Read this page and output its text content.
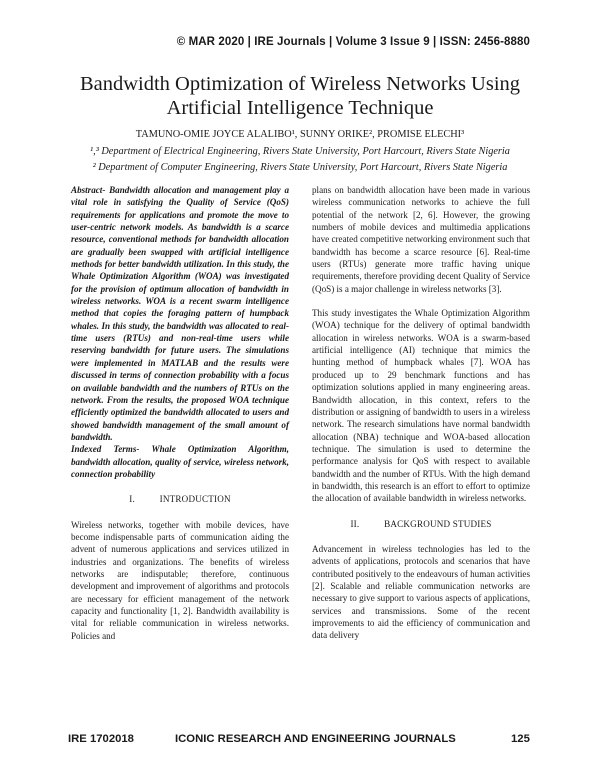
© MAR 2020 | IRE Journals | Volume 3 Issue 9 | ISSN: 2456-8880
Bandwidth Optimization of Wireless Networks Using
Artificial Intelligence Technique
TAMUNO-OMIE JOYCE ALALIBO¹, SUNNY ORIKE², PROMISE ELECHI³
¹,³ Department of Electrical Engineering, Rivers State University, Port Harcourt, Rivers State Nigeria
² Department of Computer Engineering, Rivers State University, Port Harcourt, Rivers State Nigeria

Abstract- Bandwidth allocation and management play a vital role in satisfying the Quality of Service (QoS) requirements for applications and promote the move to user-centric network models. As bandwidth is a scarce resource, conventional methods for bandwidth allocation are gradually been swapped with artificial intelligence methods for better bandwidth utilization. In this study, the Whale Optimization Algorithm (WOA) was investigated for the provision of optimum allocation of bandwidth in wireless networks. WOA is a recent swarm intelligence method that copies the foraging pattern of humpback whales. In this study, the bandwidth was allocated to real-time users (RTUs) and non-real-time users while reserving bandwidth for future users. The simulations were implemented in MATLAB and the results were discussed in terms of connection probability with a focus on available bandwidth and the numbers of RTUs on the network. From the results, the proposed WOA technique efficiently optimized the bandwidth allocated to users and showed bandwidth management of the small amount of bandwidth.

Indexed Terms- Whale Optimization Algorithm, bandwidth allocation, quality of service, wireless network, connection probability

I.          INTRODUCTION

Wireless networks, together with mobile devices, have become indispensable parts of communication aiding the advent of numerous applications and services utilized in industries and organizations. The benefits of wireless networks are indisputable; therefore, continuous development and improvement of algorithms and protocols are necessary for efficient management of the network capacity and functionality [1, 2]. Bandwidth availability is vital for reliable communication in wireless networks. Policies and

plans on bandwidth allocation have been made in various wireless communication networks to achieve the full potential of the network [2, 6]. However, the growing numbers of mobile devices and multimedia applications have created competitive networking environment such that bandwidth has become a scarce resource [6]. Real-time users (RTUs) generate more traffic having unique requirements, therefore providing decent Quality of Service (QoS) is a major challenge in wireless networks [3].

This study investigates the Whale Optimization Algorithm (WOA) technique for the delivery of optimal bandwidth allocation in wireless networks. WOA is a swarm-based artificial intelligence (AI) technique that mimics the hunting method of humpback whales [7]. WOA has produced up to 29 benchmark functions and has optimization solutions applied in many engineering areas. Bandwidth allocation, in this context, refers to the distribution or assigning of bandwidth to users in a wireless network. The research simulations have normal bandwidth allocation (NBA) technique and WOA-based allocation technique. The simulation is used to determine the performance analysis for QoS with respect to available bandwidth and the number of RTUs. With the high demand in bandwidth, this research is an effort to effort to optimize the allocation of available bandwidth in wireless networks.

II.          BACKGROUND STUDIES

Advancement in wireless technologies has led to the advents of applications, protocols and scenarios that have contributed positively to the endeavours of human activities [2]. Scalable and reliable communication networks are necessary to give support to various aspects of applications, services and transmissions. Some of the recent improvements to aid the efficiency of communication and data delivery

IRE 1702018	ICONIC RESEARCH AND ENGINEERING JOURNALS	125
